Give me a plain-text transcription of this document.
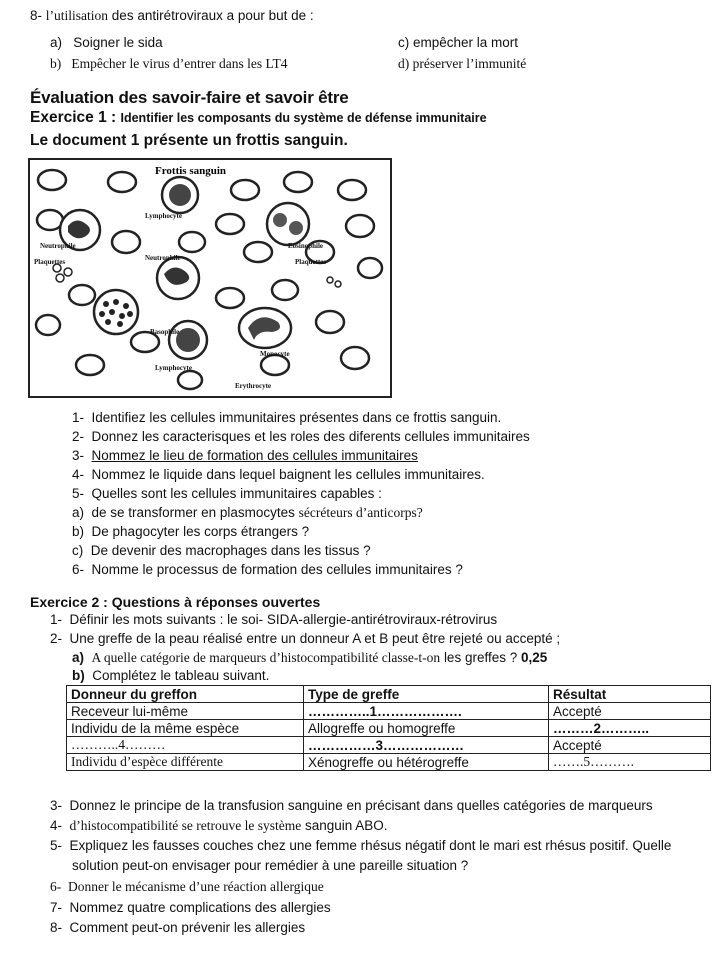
8- l’utilisation des antirétroviraux a pour but de :
a) Soigner le sida	c) empêcher la mort
b) Empêcher le virus d’entrer dans les LT4	d) préserver l’immunité
Évaluation des savoir-faire et savoir être
Exercice 1 : Identifier les composants du système de défense immunitaire
Le document 1 présente un frottis sanguin.
Frottis sanguin
Lymphocyte
Neutrophile	Eosinophile
Plaquettes	Neutrophile	Plaquettes
Basophile
Monocyte
Lymphocyte
Erythrocyte
1- Identifiez les cellules immunitaires présentes dans ce frottis sanguin.
2- Donnez les caracterisques et les roles des diferents cellules immunitaires
3- Nommez le lieu de formation des cellules immunitaires
4- Nommez le liquide dans lequel baignent les cellules immunitaires.
5- Quelles sont les cellules immunitaires capables :
a) de se transformer en plasmocytes sécréteurs d’anticorps?
b) De phagocyter les corps étrangers ?
c) De devenir des macrophages dans les tissus ?
6- Nomme le processus de formation des cellules immunitaires ?
Exercice 2 : Questions à réponses ouvertes
1- Définir les mots suivants : le soi- SIDA-allergie-antirétroviraux-rétrovirus
2- Une greffe de la peau réalisé entre un donneur A et B peut être rejeté ou accepté ;
a) A quelle catégorie de marqueurs d’histocompatibilité classe-t-on les greffes ? 0,25
b) Complétez le tableau suivant.
Donneur du greffon	Type de greffe	Résultat
Receveur lui-même	…………..1……………….	Accepté
Individu de la même espèce	Allogreffe ou homogreffe	………2………..
………..4………	……………3………………	Accepté
Individu d’espèce différente	Xénogreffe ou hétérogreffe	…….5……….
3- Donnez le principe de la transfusion sanguine en précisant dans quelles catégories de marqueurs
4- d’histocompatibilité se retrouve le système sanguin ABO.
5- Expliquez les fausses couches chez une femme rhésus négatif dont le mari est rhésus positif. Quelle
solution peut-on envisager pour remédier à une pareille situation ?
6- Donner le mécanisme d’une réaction allergique
7- Nommez quatre complications des allergies
8- Comment peut-on prévenir les allergies
